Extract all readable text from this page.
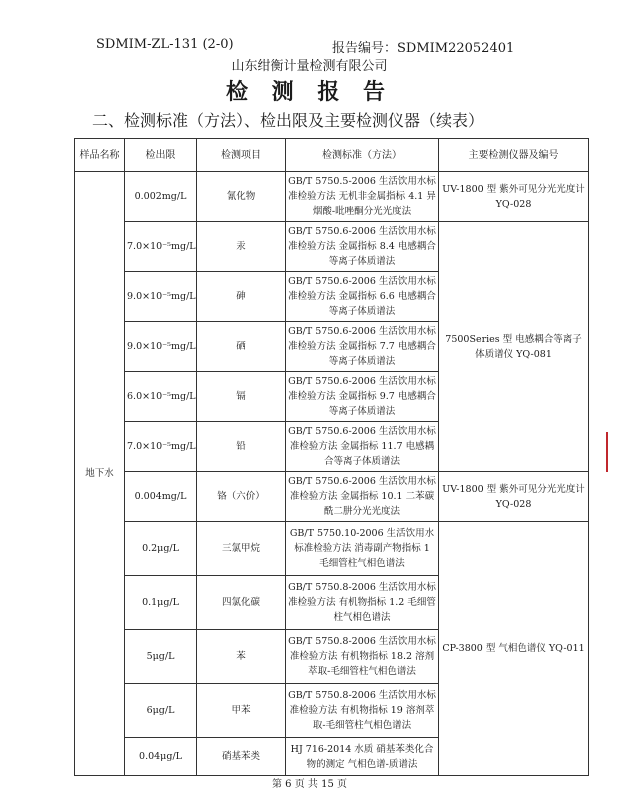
SDMIM-ZL-131 (2-0)	报告编号：SDMIM22052401
山东绀衡计量检测有限公司
检 测 报 告
二、检测标准（方法）、检出限及主要检测仪器（续表）
样品名称	检出限	检测项目	检测标准（方法）	主要检测仪器及编号
地下水	0.002mg/L	氰化物	GB/T 5750.5-2006 生活饮用水标准检验方法 无机非金属指标 4.1 异烟酸-吡唑酮分光光度法	UV-1800 型 紫外可见分光光度计 YQ-028
	7.0×10⁻⁵mg/L	汞	GB/T 5750.6-2006 生活饮用水标准检验方法 金属指标 8.4 电感耦合等离子体质谱法	7500Series 型 电感耦合等离子体质谱仪 YQ-081
	9.0×10⁻⁵mg/L	砷	GB/T 5750.6-2006 生活饮用水标准检验方法 金属指标 6.6 电感耦合等离子体质谱法	
	9.0×10⁻⁵mg/L	硒	GB/T 5750.6-2006 生活饮用水标准检验方法 金属指标 7.7 电感耦合等离子体质谱法	
	6.0×10⁻⁵mg/L	镉	GB/T 5750.6-2006 生活饮用水标准检验方法 金属指标 9.7 电感耦合等离子体质谱法	
	7.0×10⁻⁵mg/L	铅	GB/T 5750.6-2006 生活饮用水标准检验方法 金属指标 11.7 电感耦合等离子体质谱法	
	0.004mg/L	铬（六价）	GB/T 5750.6-2006 生活饮用水标准检验方法 金属指标 10.1 二苯碳酰二肼分光光度法	UV-1800 型 紫外可见分光光度计 YQ-028
	0.2μg/L	三氯甲烷	GB/T 5750.10-2006 生活饮用水标准检验方法 消毒副产物指标 1 毛细管柱气相色谱法	CP-3800 型 气相色谱仪 YQ-011
	0.1μg/L	四氯化碳	GB/T 5750.8-2006 生活饮用水标准检验方法 有机物指标 1.2 毛细管柱气相色谱法	
	5μg/L	苯	GB/T 5750.8-2006 生活饮用水标准检验方法 有机物指标 18.2 溶剂萃取-毛细管柱气相色谱法	
	6μg/L	甲苯	GB/T 5750.8-2006 生活饮用水标准检验方法 有机物指标 19 溶剂萃取-毛细管柱气相色谱法	
	0.04μg/L	硝基苯类	HJ 716-2014 水质 硝基苯类化合物的测定 气相色谱-质谱法	
第 6 页 共 15 页
